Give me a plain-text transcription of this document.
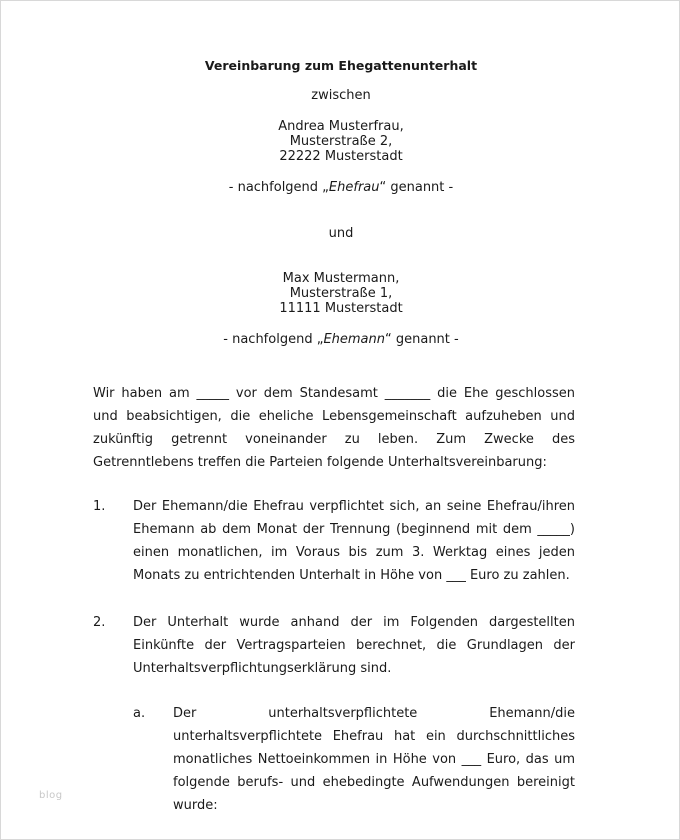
Vereinbarung zum Ehegattenunterhalt
zwischen
Andrea Musterfrau,
Musterstraße 2,
22222 Musterstadt
- nachfolgend „Ehefrau“ genannt -
und
Max Mustermann,
Musterstraße 1,
11111 Musterstadt
- nachfolgend „Ehemann“ genannt -
Wir haben am _____ vor dem Standesamt _______ die Ehe geschlossen und beabsichtigen, die eheliche Lebensgemeinschaft aufzuheben und zukünftig getrennt voneinander zu leben. Zum Zwecke des Getrenntlebens treffen die Parteien folgende Unterhaltsvereinbarung:
1. Der Ehemann/die Ehefrau verpflichtet sich, an seine Ehefrau/ihren Ehemann ab dem Monat der Trennung (beginnend mit dem _____) einen monatlichen, im Voraus bis zum 3. Werktag eines jeden Monats zu entrichtenden Unterhalt in Höhe von ___ Euro zu zahlen.
2. Der Unterhalt wurde anhand der im Folgenden dargestellten Einkünfte der Vertragsparteien berechnet, die Grundlagen der Unterhaltsverpflichtungserklärung sind.
a. Der unterhaltsverpflichtete Ehemann/die unterhaltsverpflichtete Ehefrau hat ein durchschnittliches monatliches Nettoeinkommen in Höhe von ___ Euro, das um folgende berufs- und ehebedingte Aufwendungen bereinigt wurde:
blog
